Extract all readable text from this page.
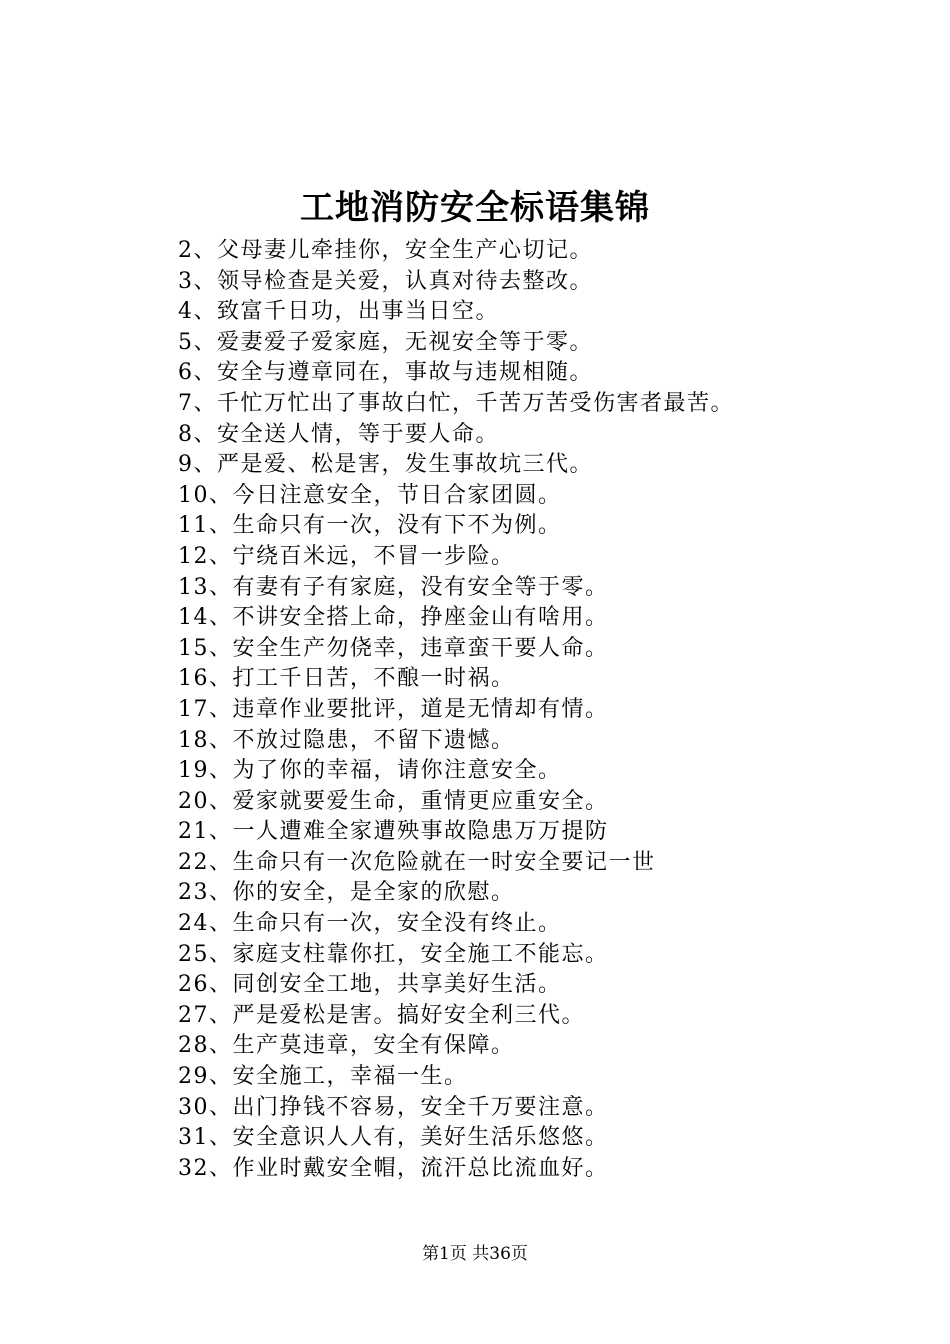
工地消防安全标语集锦
2、父母妻儿牵挂你，安全生产心切记。
3、领导检查是关爱，认真对待去整改。
4、致富千日功，出事当日空。
5、爱妻爱子爱家庭，无视安全等于零。
6、安全与遵章同在，事故与违规相随。
7、千忙万忙出了事故白忙，千苦万苦受伤害者最苦。
8、安全送人情，等于要人命。
9、严是爱、松是害，发生事故坑三代。
10、今日注意安全，节日合家团圆。
11、生命只有一次，没有下不为例。
12、宁绕百米远，不冒一步险。
13、有妻有子有家庭，没有安全等于零。
14、不讲安全搭上命，挣座金山有啥用。
15、安全生产勿侥幸，违章蛮干要人命。
16、打工千日苦，不酿一时祸。
17、违章作业要批评，道是无情却有情。
18、不放过隐患，不留下遗憾。
19、为了你的幸福，请你注意安全。
20、爱家就要爱生命，重情更应重安全。
21、一人遭难全家遭殃事故隐患万万提防
22、生命只有一次危险就在一时安全要记一世
23、你的安全，是全家的欣慰。
24、生命只有一次，安全没有终止。
25、家庭支柱靠你扛，安全施工不能忘。
26、同创安全工地，共享美好生活。
27、严是爱松是害。搞好安全利三代。
28、生产莫违章，安全有保障。
29、安全施工，幸福一生。
30、出门挣钱不容易，安全千万要注意。
31、安全意识人人有，美好生活乐悠悠。
32、作业时戴安全帽，流汗总比流血好。
第1页 共36页
